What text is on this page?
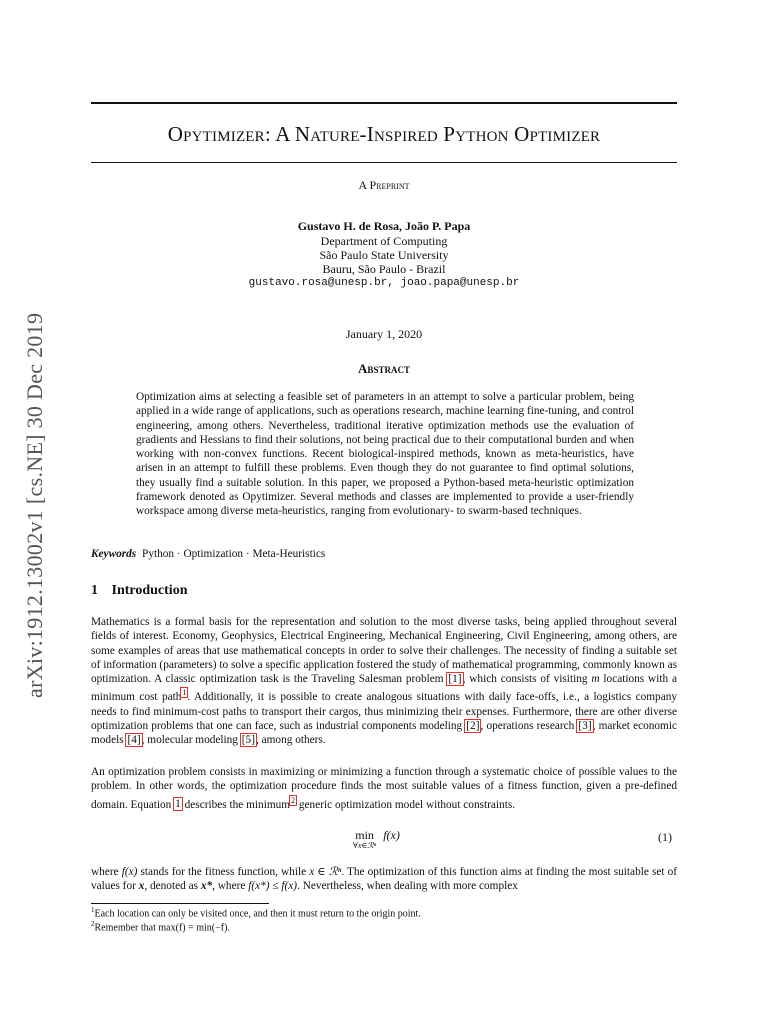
arXiv:1912.13002v1 [cs.NE] 30 Dec 2019
Opytimizer: A Nature-Inspired Python Optimizer
A Preprint
Gustavo H. de Rosa, João P. Papa
Department of Computing
São Paulo State University
Bauru, São Paulo - Brazil
gustavo.rosa@unesp.br, joao.papa@unesp.br
January 1, 2020
Abstract
Optimization aims at selecting a feasible set of parameters in an attempt to solve a particular problem, being applied in a wide range of applications, such as operations research, machine learning fine-tuning, and control engineering, among others. Nevertheless, traditional iterative optimization methods use the evaluation of gradients and Hessians to find their solutions, not being practical due to their computational burden and when working with non-convex functions. Recent biological-inspired methods, known as meta-heuristics, have arisen in an attempt to fulfill these problems. Even though they do not guarantee to find optimal solutions, they usually find a suitable solution. In this paper, we proposed a Python-based meta-heuristic optimization framework denoted as Opytimizer. Several methods and classes are implemented to provide a user-friendly workspace among diverse meta-heuristics, ranging from evolutionary- to swarm-based techniques.
Keywords Python · Optimization · Meta-Heuristics
1 Introduction
Mathematics is a formal basis for the representation and solution to the most diverse tasks, being applied throughout several fields of interest. Economy, Geophysics, Electrical Engineering, Mechanical Engineering, Civil Engineering, among others, are some examples of areas that use mathematical concepts in order to solve their challenges. The necessity of finding a suitable set of information (parameters) to solve a specific application fostered the study of mathematical programming, commonly known as optimization. A classic optimization task is the Traveling Salesman problem [1], which consists of visiting m locations with a minimum cost path$^1$. Additionally, it is possible to create analogous situations with daily face-offs, i.e., a logistics company needs to find minimum-cost paths to transport their cargos, thus minimizing their expenses. Furthermore, there are other diverse optimization problems that one can face, such as industrial components modeling [2], operations research [3], market economic models [4], molecular modeling [5], among others.
An optimization problem consists in maximizing or minimizing a function through a systematic choice of possible values to the problem. In other words, the optimization procedure finds the most suitable values of a fitness function, given a pre-defined domain. Equation 1 describes the minimum$^2$ generic optimization model without constraints.
min
∀x∈ℛⁿ
f(x)	(1)
where f(x) stands for the fitness function, while x ∈ ℛⁿ. The optimization of this function aims at finding the most suitable set of values for x, denoted as x*, where f(x*) ≤ f(x). Nevertheless, when dealing with more complex
$^1$Each location can only be visited once, and then it must return to the origin point.
$^2$Remember that max(f) = min(−f).
